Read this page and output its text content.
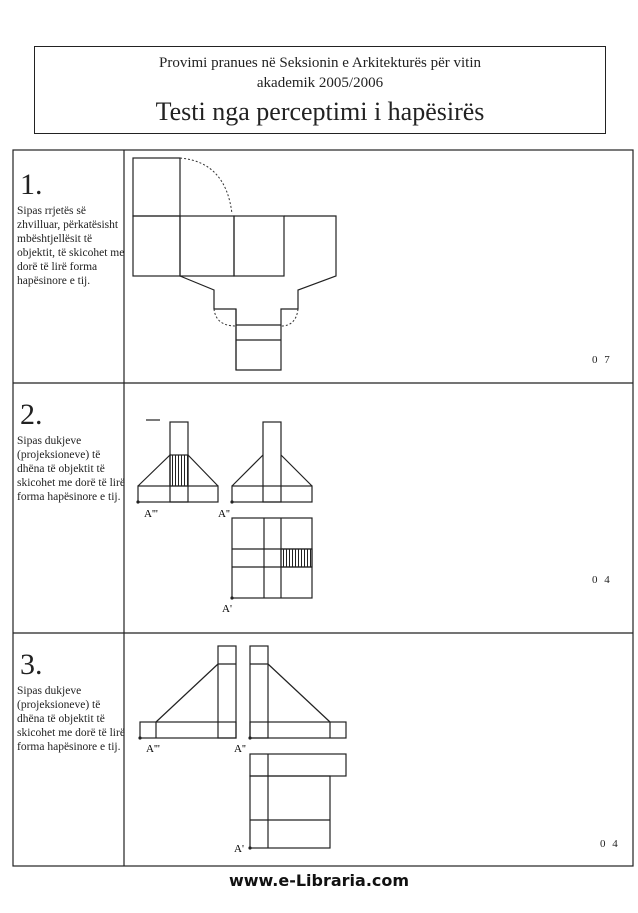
Provimi pranues në Seksionin e Arkitekturës për vitin
akademik 2005/2006
Testi nga perceptimi i hapësirës
1.
Sipas rrjetës së zhvilluar, përkatësisht mbështjellësit të objektit, të skicohet me dorë të lirë forma hapësinore e tij.
0 7
2.
Sipas dukjeve (projeksioneve) të dhëna të objektit të skicohet me dorë të lirë forma hapësinore e tij.
0 4
A'''	A''
A'
3.
Sipas dukjeve (projeksioneve) të dhëna të objektit të skicohet me dorë të lirë forma hapësinore e tij.
0 4
A'''	A''
A'
www.e-Libraria.com
